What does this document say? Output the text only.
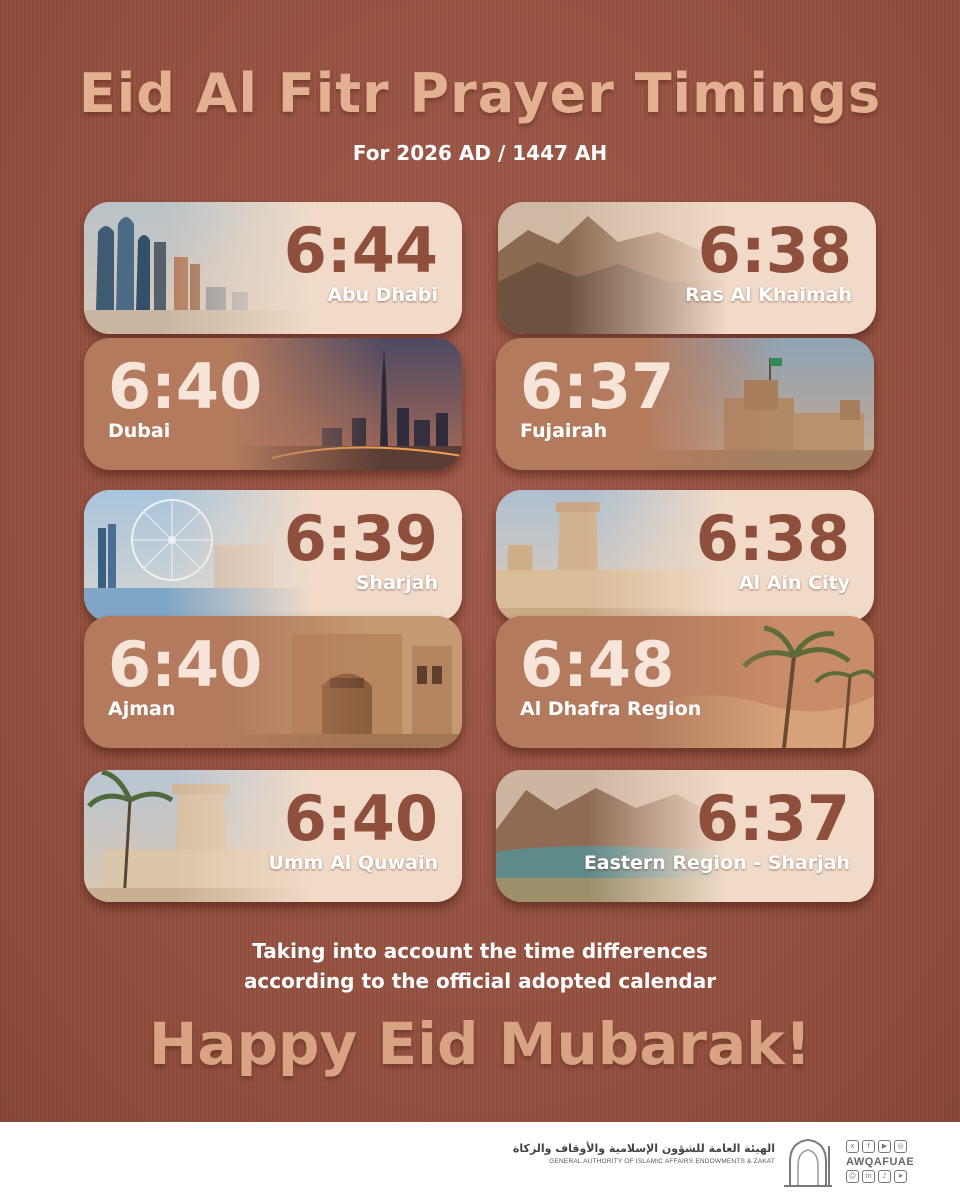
Eid Al Fitr Prayer Timings
For 2026 AD / 1447 AH
6:44
Abu Dhabi
6:38
Ras Al Khaimah
6:40
Dubai
6:37
Fujairah
6:39
Sharjah
6:38
Al Ain City
6:40
Ajman
6:48
Al Dhafra Region
6:40
Umm Al Quwain
6:37
Eastern Region - Sharjah
Taking into account the time differences
according to the official adopted calendar
Happy Eid Mubarak!
الهيئة العامة للشؤون الإسلامية والأوقاف والزكاة
GENERAL AUTHORITY OF ISLAMIC AFFAIRS ENDOWMENTS & ZAKAT
x	f	▶	◎
AWQAFUAE
☺	in	♪	➤
